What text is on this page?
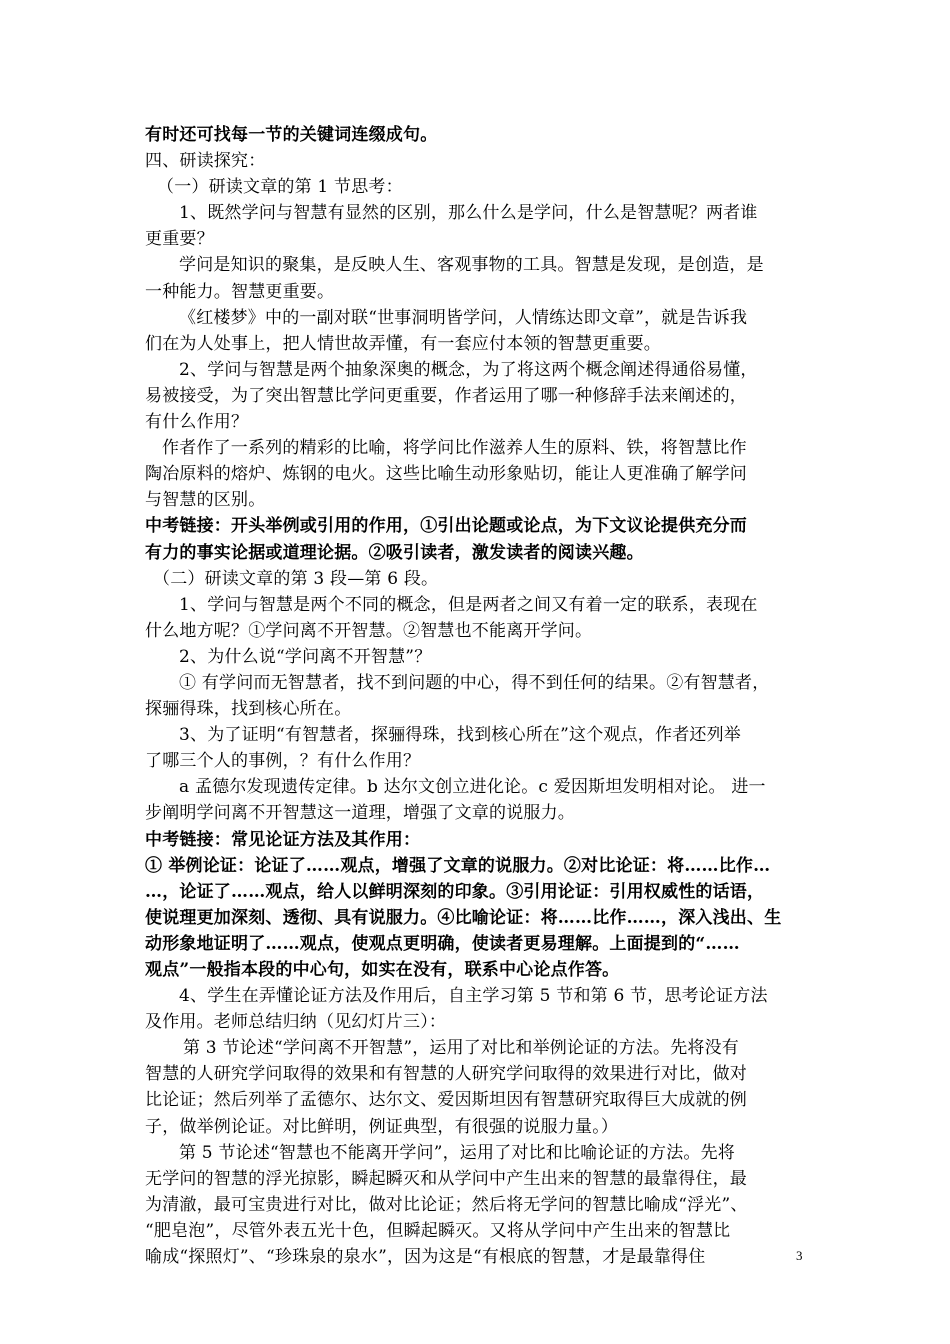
有时还可找每一节的关键词连缀成句。
四、研读探究：
（一）研读文章的第 1 节思考：
1、既然学问与智慧有显然的区别，那么什么是学问，什么是智慧呢？两者谁
更重要？
学问是知识的聚集，是反映人生、客观事物的工具。智慧是发现，是创造，是
一种能力。智慧更重要。
《红楼梦》中的一副对联“世事洞明皆学问，人情练达即文章”，就是告诉我
们在为人处事上，把人情世故弄懂，有一套应付本领的智慧更重要。
2、学问与智慧是两个抽象深奥的概念，为了将这两个概念阐述得通俗易懂，
易被接受，为了突出智慧比学问更重要，作者运用了哪一种修辞手法来阐述的，
有什么作用？
作者作了一系列的精彩的比喻，将学问比作滋养人生的原料、铁，将智慧比作
陶冶原料的熔炉、炼钢的电火。这些比喻生动形象贴切，能让人更准确了解学问
与智慧的区别。
中考链接：开头举例或引用的作用，①引出论题或论点，为下文议论提供充分而
有力的事实论据或道理论据。②吸引读者，激发读者的阅读兴趣。
（二）研读文章的第 3 段—第 6 段。
1、学问与智慧是两个不同的概念，但是两者之间又有着一定的联系，表现在
什么地方呢？①学问离不开智慧。②智慧也不能离开学问。
2、为什么说“学问离不开智慧”？
① 有学问而无智慧者，找不到问题的中心，得不到任何的结果。②有智慧者，
探骊得珠，找到核心所在。
3、为了证明“有智慧者，探骊得珠，找到核心所在”这个观点，作者还列举
了哪三个人的事例，？有什么作用？
a 孟德尔发现遗传定律。b 达尔文创立进化论。c 爱因斯坦发明相对论。 进一
步阐明学问离不开智慧这一道理，增强了文章的说服力。
中考链接：常见论证方法及其作用：
① 举例论证：论证了……观点，增强了文章的说服力。②对比论证：将……比作…
…，论证了……观点，给人以鲜明深刻的印象。③引用论证：引用权威性的话语，
使说理更加深刻、透彻、具有说服力。④比喻论证：将……比作……，深入浅出、生
动形象地证明了……观点，使观点更明确，使读者更易理解。上面提到的“……
观点”一般指本段的中心句，如实在没有，联系中心论点作答。
4、学生在弄懂论证方法及作用后，自主学习第 5 节和第 6 节，思考论证方法
及作用。老师总结归纳（见幻灯片三）：
第 3 节论述“学问离不开智慧”，运用了对比和举例论证的方法。先将没有
智慧的人研究学问取得的效果和有智慧的人研究学问取得的效果进行对比，做对
比论证；然后列举了孟德尔、达尔文、爱因斯坦因有智慧研究取得巨大成就的例
子，做举例论证。对比鲜明，例证典型，有很强的说服力量。）
第 5 节论述“智慧也不能离开学问”，运用了对比和比喻论证的方法。先将
无学问的智慧的浮光掠影，瞬起瞬灭和从学问中产生出来的智慧的最靠得住，最
为清澈，最可宝贵进行对比，做对比论证；然后将无学问的智慧比喻成“浮光”、
“肥皂泡”，尽管外表五光十色，但瞬起瞬灭。又将从学问中产生出来的智慧比
喻成“探照灯”、“珍珠泉的泉水”，因为这是“有根底的智慧，才是最靠得住	3
